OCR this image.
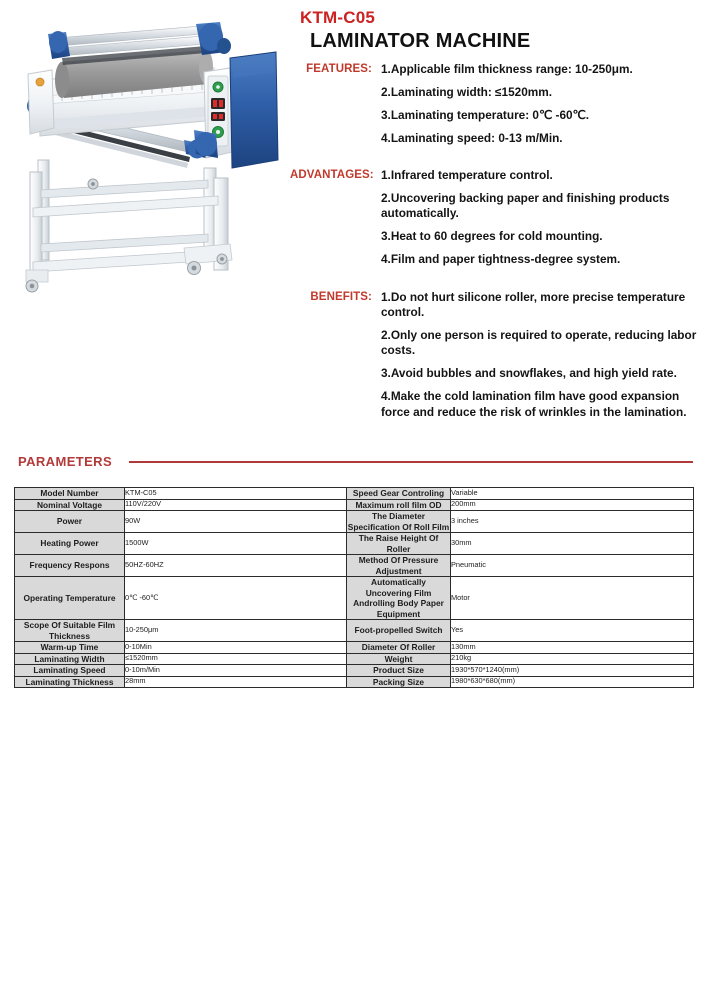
KTM-C05
LAMINATOR MACHINE
FEATURES: 1.Applicable film thickness range: 10-250μm.
2.Laminating width: ≤1520mm.
3.Laminating temperature: 0℃ -60℃.
4.Laminating speed: 0-13 m/Min.
ADVANTAGES: 1.Infrared temperature control.
2.Uncovering backing paper and finishing products automatically.
3.Heat to 60 degrees for cold mounting.
4.Film and paper tightness-degree system.
BENEFITS: 1.Do not hurt silicone roller, more precise temperature control.
2.Only one person is required to operate, reducing labor costs.
3.Avoid bubbles and snowflakes, and high yield rate.
4.Make the cold lamination film have good expansion force and reduce the risk of wrinkles in the lamination.
PARAMETERS
Model Number	KTM-C05	Speed Gear Controling	Variable
Nominal Voltage	110V/220V	Maximum roll film OD	200mm
Power	90W	The Diameter Specification Of Roll Film	3 inches
Heating Power	1500W	The Raise Height Of Roller	30mm
Frequency Respons	50HZ-60HZ	Method Of Pressure Adjustment	Pneumatic
Operating Temperature	0℃ -60℃	Automatically Uncovering Film Androlling Body Paper Equipment	Motor
Scope Of Suitable Film Thickness	10-250μm	Foot-propelled Switch	Yes
Warm-up Time	0-10Min	Diameter Of Roller	130mm
Laminating Width	≤1520mm	Weight	210kg
Laminating Speed	0-10m/Min	Product Size	1930*570*1240(mm)
Laminating Thickness	28mm	Packing Size	1980*630*680(mm)
